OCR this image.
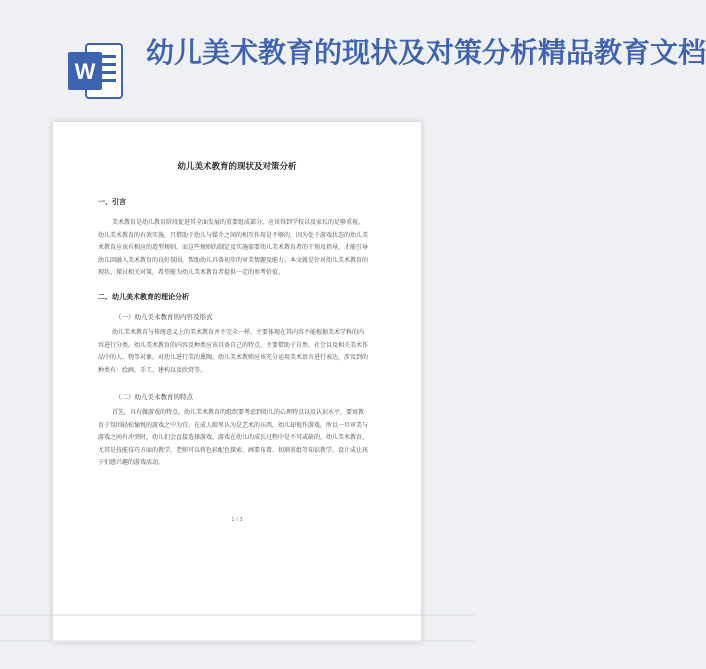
W
幼儿美术教育的现状及对策分析精品教育文档
幼儿美术教育的现状及对策分析
一、引言
美术教育是幼儿教育阶段促进其全面发展的重要组成部分，应该得到学校以及家长的足够重视。幼儿美术教育的有效实施，只借助于幼儿与媒介之间的相互作用是不够的，因为处于游戏状态的幼儿美术教育应该有相应的造型规则，而这些规则的制定及实施需要幼儿美术教育者的干预及指导，才能引导幼儿回融入美术教育的良好氛围，帮助幼儿具备初步的审美情趣及能力。本文就是针对幼儿美术教育的现状、探讨相关对策，希望能为幼儿美术教育者提供一定的参考价值。
二、幼儿美术教育的理论分析
（一）幼儿美术教育的内容及形式
幼儿美术教育与传统意义上的美术教育并不完全一样，主要体现在其内容不能根据美术学科的内容进行分类。幼儿美术教育的内容及种类应该具备自己的特点，主要借助于自然、社会以及相关美术作品中的人、物等对象，对幼儿进行美的熏陶。幼儿美术教师应该充分运用美术语言进行表达，涉及到的种类有：绘画、手工、建构以及欣赏等。
（二）幼儿美术教育的特点
首先，具有做游戏的特点。幼儿美术教育的组织要考虑到幼儿的心理特点以及认识水平，要寓教育于氛围轻松愉悦的游戏之中为宜。在成人眼里认为是艺术的东西，幼儿却视作游戏，所以一旦审美与游戏之间有冲突时，幼儿们会直接选择游戏，游戏在幼儿的成长过程中是不可或缺的。幼儿美术教育，尤其是技能技巧方面的教学，老师可以将色彩配色探索、画要布置、切割重组等知识教学，设计成让孩子们感兴趣的游戏活动。
1 / 3
